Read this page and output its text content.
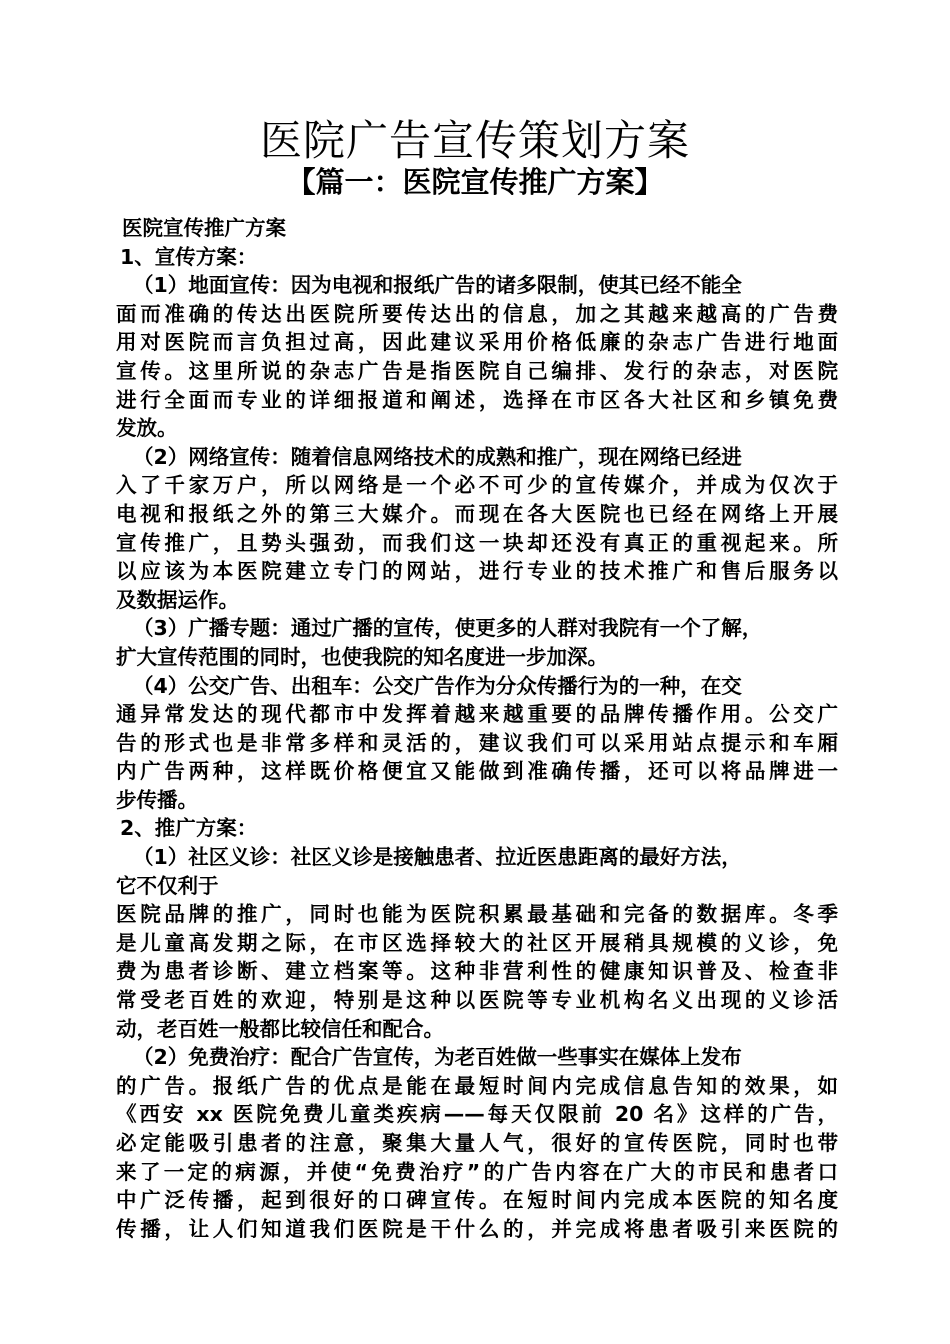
医院广告宣传策划方案
【篇一：医院宣传推广方案】
医院宣传推广方案
1、宣传方案：
（1）地面宣传：因为电视和报纸广告的诸多限制，使其已经不能全
面而准确的传达出医院所要传达出的信息，加之其越来越高的广告费
用对医院而言负担过高，因此建议采用价格低廉的杂志广告进行地面
宣传。这里所说的杂志广告是指医院自己编排、发行的杂志，对医院
进行全面而专业的详细报道和阐述，选择在市区各大社区和乡镇免费
发放。
（2）网络宣传：随着信息网络技术的成熟和推广，现在网络已经进
入了千家万户，所以网络是一个必不可少的宣传媒介，并成为仅次于
电视和报纸之外的第三大媒介。而现在各大医院也已经在网络上开展
宣传推广，且势头强劲，而我们这一块却还没有真正的重视起来。所
以应该为本医院建立专门的网站，进行专业的技术推广和售后服务以
及数据运作。
（3）广播专题：通过广播的宣传，使更多的人群对我院有一个了解，
扩大宣传范围的同时，也使我院的知名度进一步加深。
（4）公交广告、出租车：公交广告作为分众传播行为的一种，在交
通异常发达的现代都市中发挥着越来越重要的品牌传播作用。公交广
告的形式也是非常多样和灵活的，建议我们可以采用站点提示和车厢
内广告两种，这样既价格便宜又能做到准确传播，还可以将品牌进一
步传播。
2、推广方案：
（1）社区义诊：社区义诊是接触患者、拉近医患距离的最好方法，
它不仅利于
医院品牌的推广，同时也能为医院积累最基础和完备的数据库。冬季
是儿童高发期之际，在市区选择较大的社区开展稍具规模的义诊，免
费为患者诊断、建立档案等。这种非营利性的健康知识普及、检查非
常受老百姓的欢迎，特别是这种以医院等专业机构名义出现的义诊活
动，老百姓一般都比较信任和配合。
（2）免费治疗：配合广告宣传，为老百姓做一些事实在媒体上发布
的广告。报纸广告的优点是能在最短时间内完成信息告知的效果，如
《西安 xx 医院免费儿童类疾病——每天仅限前 20 名》这样的广告，
必定能吸引患者的注意，聚集大量人气，很好的宣传医院，同时也带
来了一定的病源，并使“免费治疗”的广告内容在广大的市民和患者口
中广泛传播，起到很好的口碑宣传。在短时间内完成本医院的知名度
传播，让人们知道我们医院是干什么的，并完成将患者吸引来医院的
